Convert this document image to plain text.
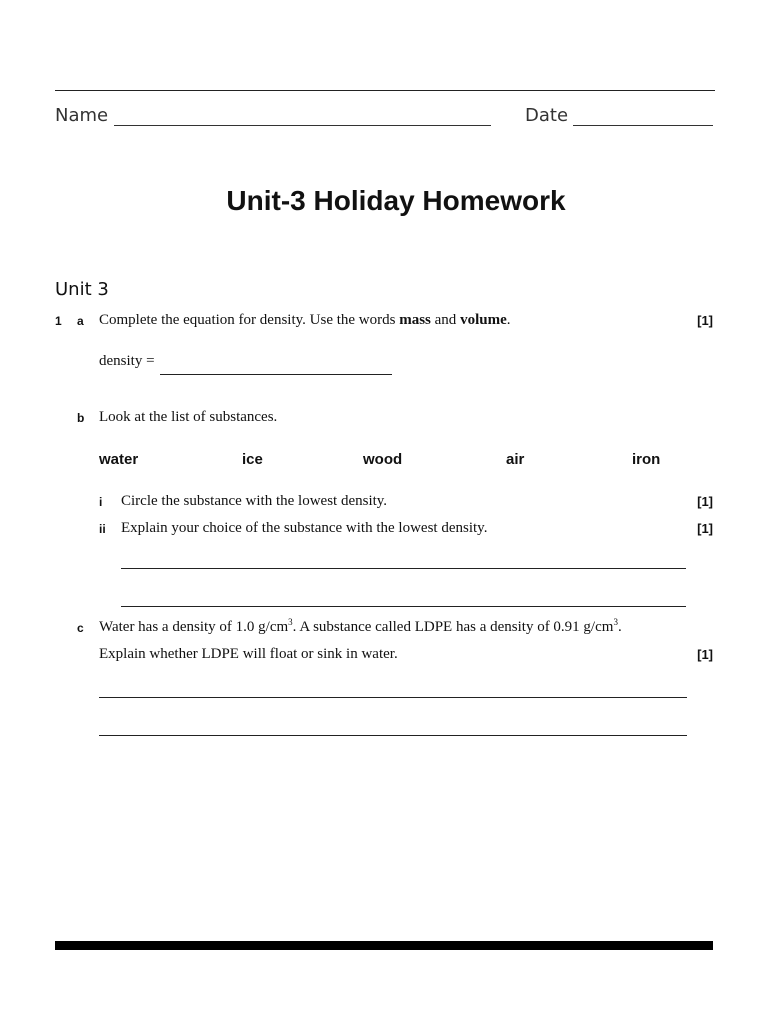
Name	Date
Unit-3 Holiday Homework
Unit 3
1 a Complete the equation for density. Use the words mass and volume.	[1]
density =
b Look at the list of substances.
water	ice	wood	air	iron
i Circle the substance with the lowest density.	[1]
ii Explain your choice of the substance with the lowest density.	[1]
c Water has a density of 1.0 $g/cm^3$. A substance called LDPE has a density of 0.91 $g/cm^3$.
Explain whether LDPE will float or sink in water.	[1]
